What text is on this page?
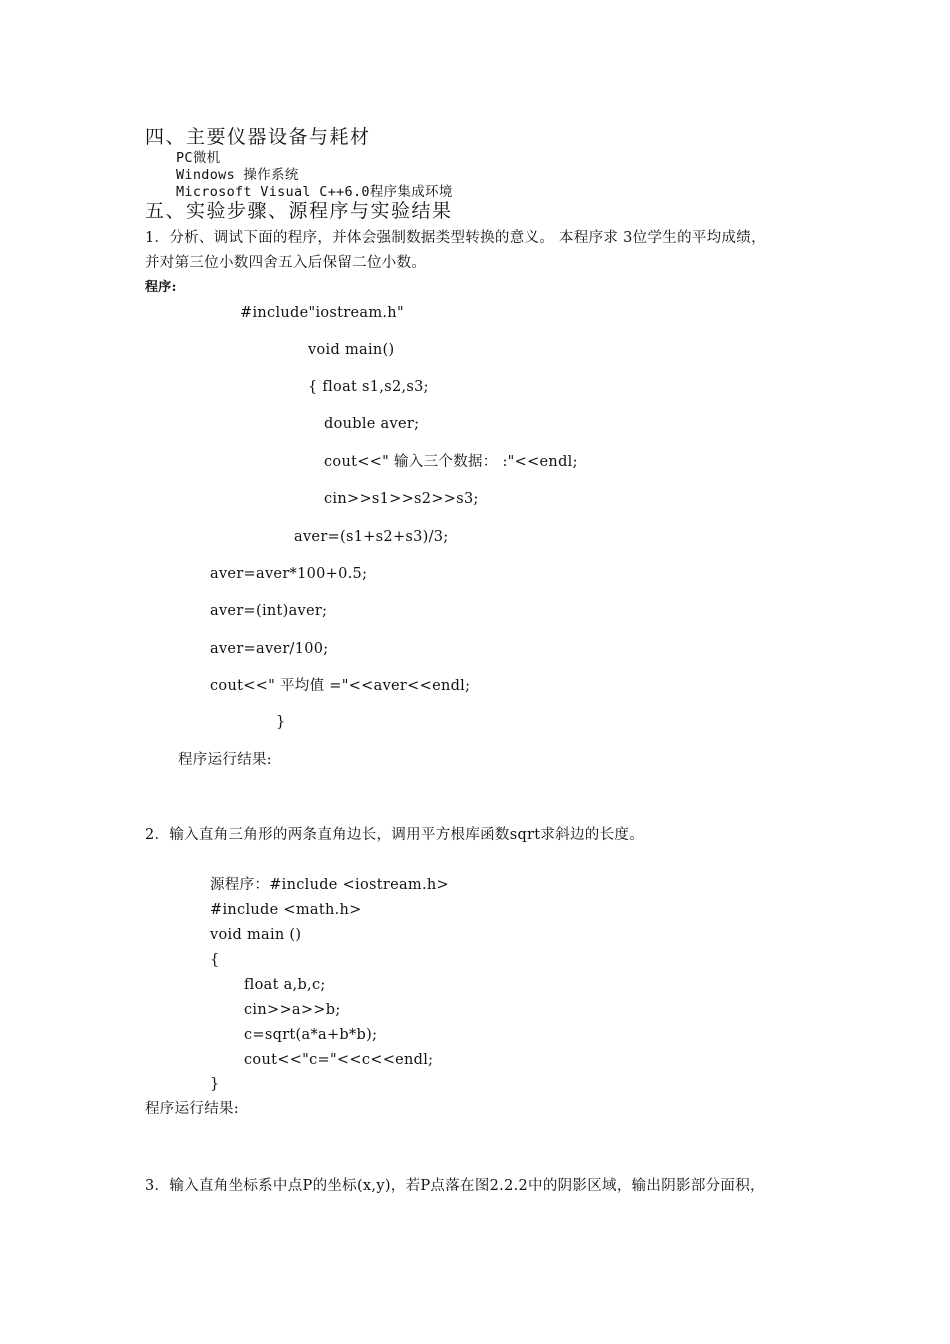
四、主要仪器设备与耗材
PC微机
Windows 操作系统
Microsoft Visual C++6.0程序集成环境
五、实验步骤、源程序与实验结果
1．分析、调试下面的程序，并体会强制数据类型转换的意义。 本程序求 3位学生的平均成绩，
并对第三位小数四舍五入后保留二位小数。
程序:
#include"iostream.h"
void main()
{ float s1,s2,s3;
double aver;
cout<<" 输入三个数据： :"<<endl;
cin>>s1>>s2>>s3;
aver=(s1+s2+s3)/3;
aver=aver*100+0.5;
aver=(int)aver;
aver=aver/100;
cout<<" 平均值 ="<<aver<<endl;
}
程序运行结果:
2．输入直角三角形的两条直角边长，调用平方根库函数sqrt求斜边的长度。
源程序：#include <iostream.h>
#include <math.h>
void main ()
{
float a,b,c;
cin>>a>>b;
c=sqrt(a*a+b*b);
cout<<"c="<<c<<endl;
}
程序运行结果:
3．输入直角坐标系中点P的坐标(x,y)，若P点落在图2.2.2中的阴影区域，输出阴影部分面积，
